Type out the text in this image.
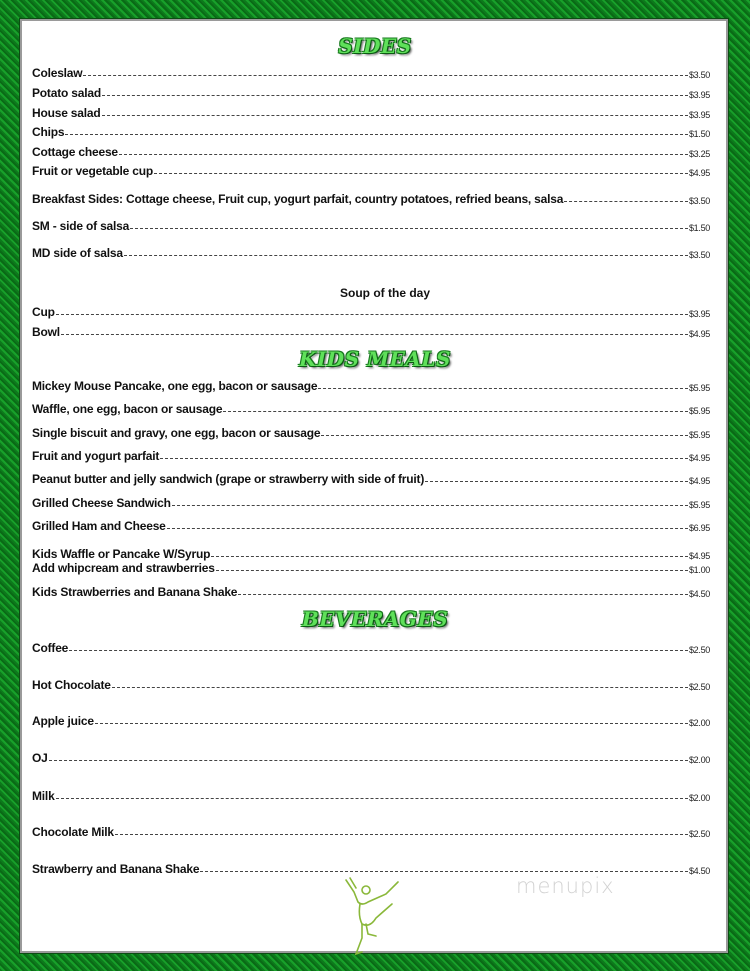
SIDES
Soup of the day
KIDS MEALS
BEVERAGES
Coleslaw	$3.50
Potato salad	$3.95
House salad	$3.95
Chips	$1.50
Cottage cheese	$3.25
Fruit or vegetable cup	$4.95
Breakfast Sides: Cottage cheese, Fruit cup, yogurt parfait, country potatoes, refried beans, salsa	$3.50
SM - side of salsa	$1.50
MD side of salsa	$3.50
Cup	$3.95
Bowl	$4.95
Mickey Mouse Pancake, one egg, bacon or sausage	$5.95
Waffle, one egg, bacon or sausage	$5.95
Single biscuit and gravy, one egg, bacon or sausage	$5.95
Fruit and yogurt parfait	$4.95
Peanut butter and jelly sandwich (grape or strawberry with side of fruit)	$4.95
Grilled Cheese Sandwich	$5.95
Grilled Ham and Cheese	$6.95
Kids Waffle or Pancake W/Syrup	$4.95
Add whipcream and strawberries	$1.00
Kids Strawberries and Banana Shake	$4.50
Coffee	$2.50
Hot Chocolate	$2.50
Apple juice	$2.00
OJ	$2.00
Milk	$2.00
Chocolate Milk	$2.50
Strawberry and Banana Shake	$4.50
menupix
